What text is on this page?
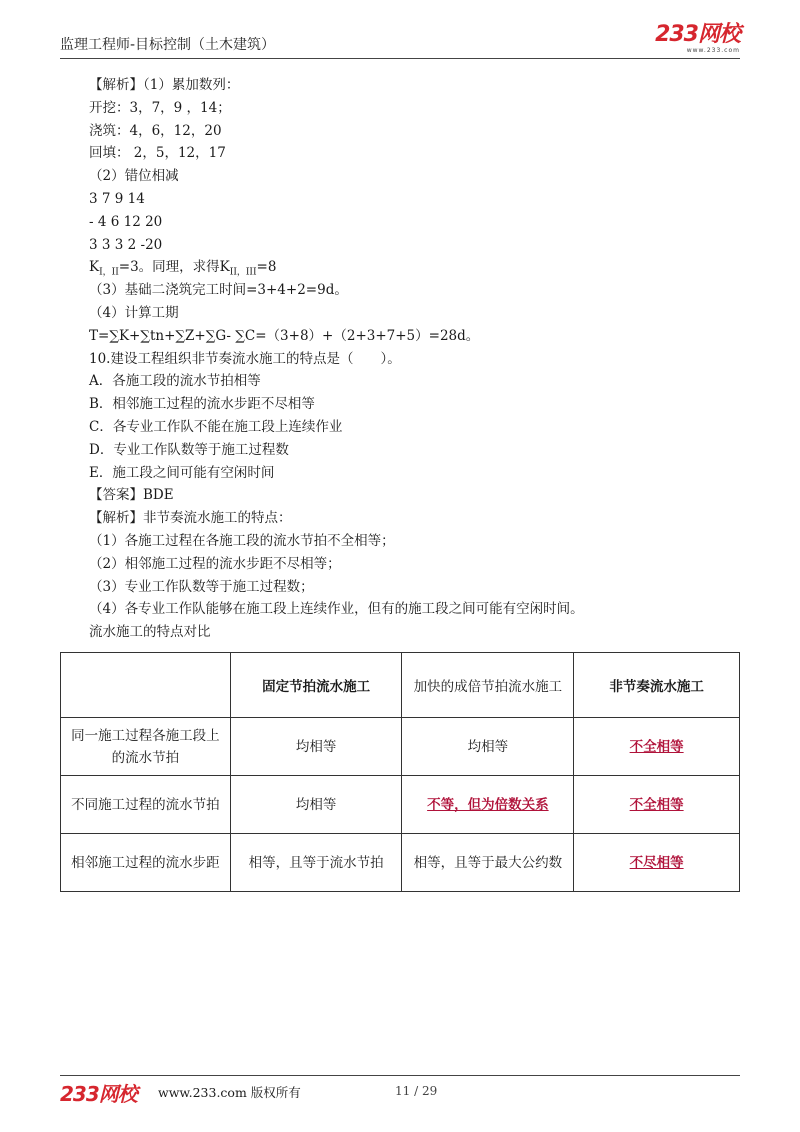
监理工程师-目标控制（土木建筑）	233网校
www.233.com
【解析】（1）累加数列：
开挖：3，7，9 ，14；
浇筑：4，6，12，20
回填： 2，5，12，17
（2）错位相减
3 7 9 14
- 4 6 12 20
3 3 3 2 -20
$K_{I,II}=3$。同理，求得$K_{II,III}=8$
（3）基础二浇筑完工时间=3+4+2=9d。
（4）计算工期
T=∑K+∑tn+∑Z+∑G- ∑C=（3+8）+（2+3+7+5）=28d。
10.建设工程组织非节奏流水施工的特点是（　　）。
A．各施工段的流水节拍相等
B．相邻施工过程的流水步距不尽相等
C．各专业工作队不能在施工段上连续作业
D．专业工作队数等于施工过程数
E．施工段之间可能有空闲时间
【答案】BDE
【解析】非节奏流水施工的特点：
（1）各施工过程在各施工段的流水节拍不全相等；
（2）相邻施工过程的流水步距不尽相等；
（3）专业工作队数等于施工过程数；
（4）各专业工作队能够在施工段上连续作业，但有的施工段之间可能有空闲时间。
流水施工的特点对比
	固定节拍流水施工	加快的成倍节拍流水施工	非节奏流水施工
同一施工过程各施工段上的流水节拍	均相等	均相等	不全相等
不同施工过程的流水节拍	均相等	不等，但为倍数关系	不全相等
相邻施工过程的流水步距	相等，且等于流水节拍	相等，且等于最大公约数	不尽相等
233网校 www.233.com 版权所有	11 / 29
